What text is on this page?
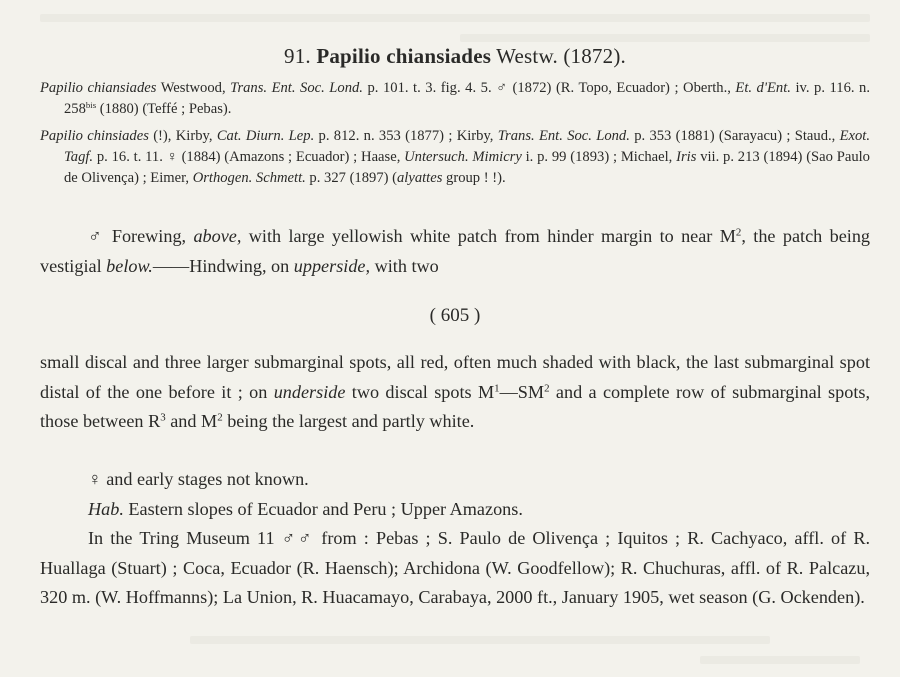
91. Papilio chiansiades Westw. (1872).
Papilio chiansiades Westwood, Trans. Ent. Soc. Lond. p. 101. t. 3. fig. 4. 5. ♂ (1872) (R. Topo, Ecuador) ; Oberth., Et. d'Ent. iv. p. 116. n. $258^{bis}$ (1880) (Teffé ; Pebas).
Papilio chinsiades (!), Kirby, Cat. Diurn. Lep. p. 812. n. 353 (1877) ; Kirby, Trans. Ent. Soc. Lond. p. 353 (1881) (Sarayacu) ; Staud., Exot. Tagf. p. 16. t. 11. ♀ (1884) (Amazons ; Ecuador) ; Haase, Untersuch. Mimicry i. p. 99 (1893) ; Michael, Iris vii. p. 213 (1894) (Sao Paulo de Olivença) ; Eimer, Orthogen. Schmett. p. 327 (1897) (alyattes group ! !).
♂ Forewing, above, with large yellowish white patch from hinder margin to near $M^2$, the patch being vestigial below.——Hindwing, on upperside, with two
( 605 )
small discal and three larger submarginal spots, all red, often much shaded with black, the last submarginal spot distal of the one before it ; on underside two discal spots $M^1—SM^2$ and a complete row of submarginal spots, those between $R^3$ and $M^2$ being the largest and partly white.
♀ and early stages not known.
Hab. Eastern slopes of Ecuador and Peru ; Upper Amazons.
In the Tring Museum 11 ♂♂ from : Pebas ; S. Paulo de Olivença ; Iquitos ; R. Cachyaco, affl. of R. Huallaga (Stuart) ; Coca, Ecuador (R. Haensch); Archidona (W. Goodfellow); R. Chuchuras, affl. of R. Palcazu, 320 m. (W. Hoffmanns); La Union, R. Huacamayo, Carabaya, 2000 ft., January 1905, wet season (G. Ockenden).
